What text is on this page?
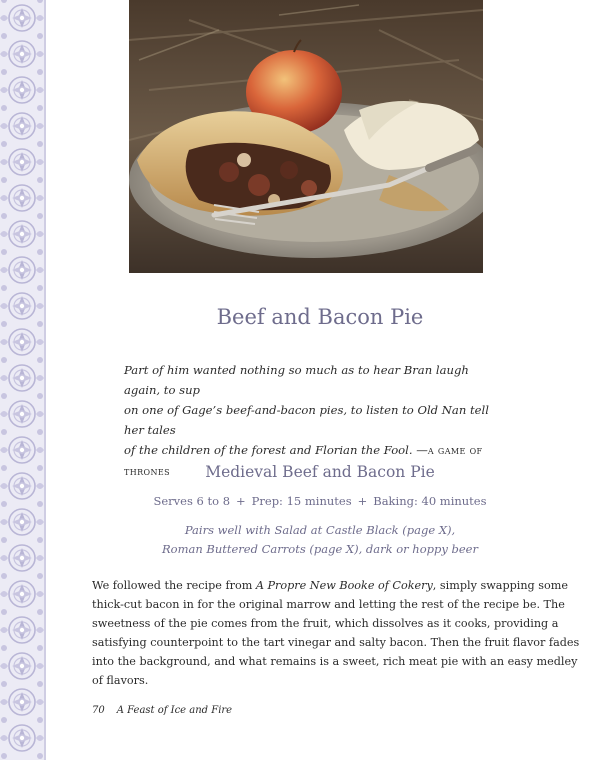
Beef and Bacon Pie
Part of him wanted nothing so much as to hear Bran laugh again, to sup
on one of Gage’s beef-and-bacon pies, to listen to Old Nan tell her tales
of the children of the forest and Florian the Fool. —a game of thrones	Medieval Beef and Bacon Pie
Serves 6 to 8 + Prep: 15 minutes + Baking: 40 minutes
Pairs well with Salad at Castle Black (page X),
Roman Buttered Carrots (page X), dark or hoppy beer
We followed the recipe from A Propre New Booke of Cokery, simply swapping some
thick-cut bacon in for the original marrow and letting the rest of the recipe be. The
sweetness of the pie comes from the fruit, which dissolves as it cooks, providing a
satisfying counterpoint to the tart vinegar and salty bacon. Then the fruit flavor fades
into the background, and what remains is a sweet, rich meat pie with an easy medley
of flavors.
70 A Feast of Ice and Fire
